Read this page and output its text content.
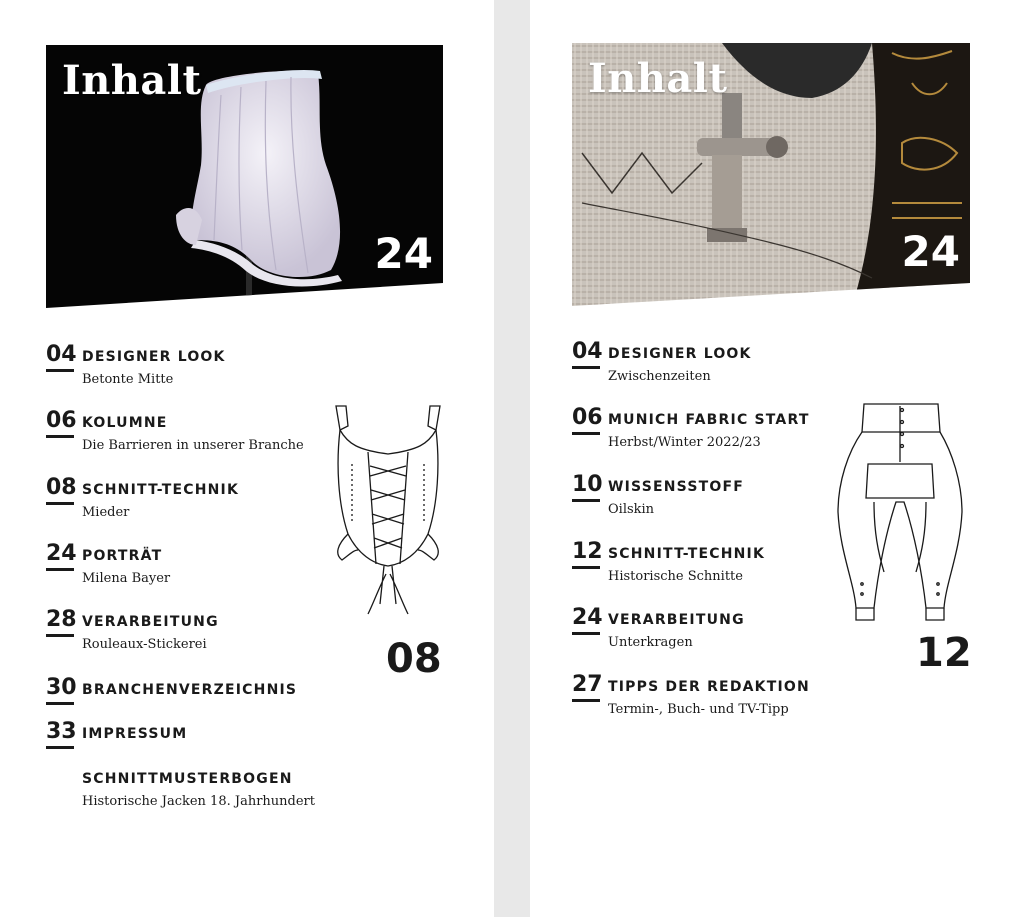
Inhalt
24
04 DESIGNER LOOK
Betonte Mitte
06 KOLUMNE
Die Barrieren in unserer Branche
08 SCHNITT-TECHNIK
Mieder
24 PORTRÄT
Milena Bayer
28 VERARBEITUNG
Rouleaux-Stickerei
30 BRANCHENVERZEICHNIS
33 IMPRESSUM
SCHNITTMUSTERBOGEN
Historische Jacken 18. Jahrhundert
08
Inhalt
24
04 DESIGNER LOOK
Zwischenzeiten
06 MUNICH FABRIC START
Herbst/Winter 2022/23
10 WISSENSSTOFF
Oilskin
12 SCHNITT-TECHNIK
Historische Schnitte
24 VERARBEITUNG
Unterkragen
27 TIPPS DER REDAKTION
Termin-, Buch- und TV-Tipp
12
